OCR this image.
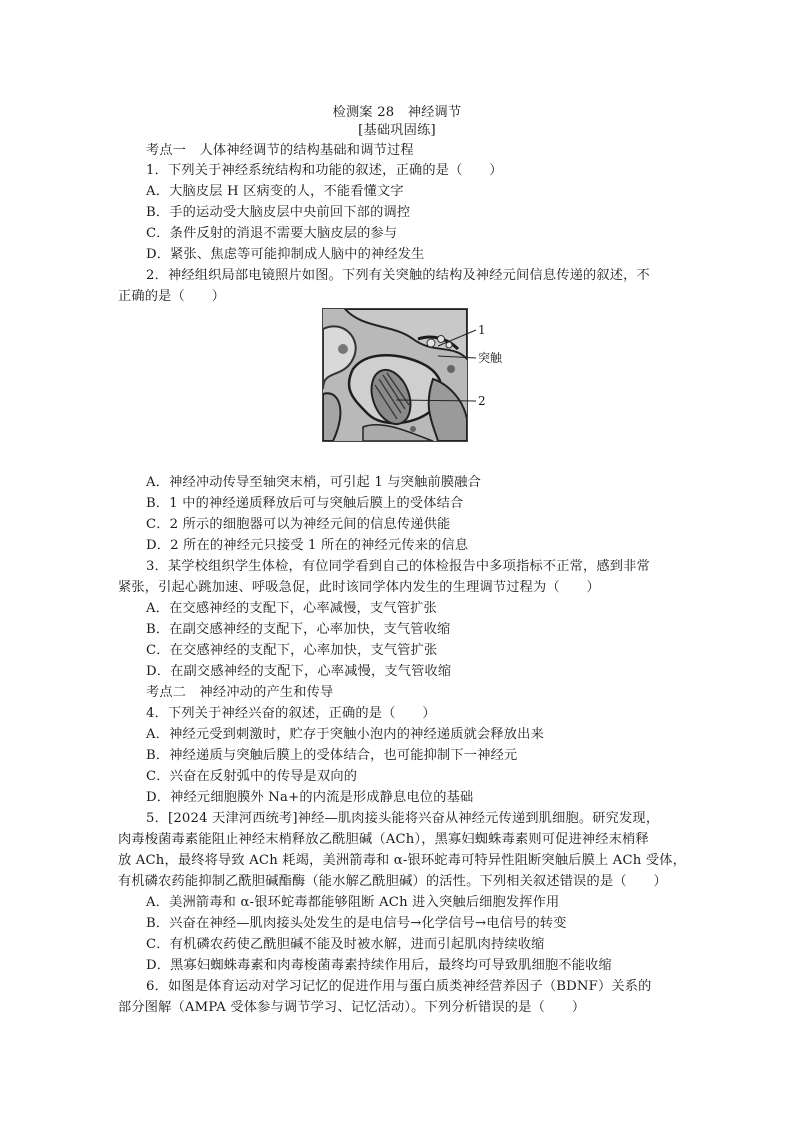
检测案 28　神经调节
[基础巩固练]
考点一　人体神经调节的结构基础和调节过程
1．下列关于神经系统结构和功能的叙述，正确的是（　　）
A．大脑皮层 H 区病变的人，不能看懂文字
B．手的运动受大脑皮层中央前回下部的调控
C．条件反射的消退不需要大脑皮层的参与
D．紧张、焦虑等可能抑制成人脑中的神经发生
2．神经组织局部电镜照片如图。下列有关突触的结构及神经元间信息传递的叙述，不
正确的是（　　）
1
突触
2
A．神经冲动传导至轴突末梢，可引起 1 与突触前膜融合
B．1 中的神经递质释放后可与突触后膜上的受体结合
C．2 所示的细胞器可以为神经元间的信息传递供能
D．2 所在的神经元只接受 1 所在的神经元传来的信息
3．某学校组织学生体检，有位同学看到自己的体检报告中多项指标不正常，感到非常
紧张，引起心跳加速、呼吸急促，此时该同学体内发生的生理调节过程为（　　）
A．在交感神经的支配下，心率减慢，支气管扩张
B．在副交感神经的支配下，心率加快，支气管收缩
C．在交感神经的支配下，心率加快，支气管扩张
D．在副交感神经的支配下，心率减慢，支气管收缩
考点二　神经冲动的产生和传导
4．下列关于神经兴奋的叙述，正确的是（　　）
A．神经元受到刺激时，贮存于突触小泡内的神经递质就会释放出来
B．神经递质与突触后膜上的受体结合，也可能抑制下一神经元
C．兴奋在反射弧中的传导是双向的
D．神经元细胞膜外 Na+的内流是形成静息电位的基础
5．[2024 天津河西统考]神经—肌肉接头能将兴奋从神经元传递到肌细胞。研究发现，
肉毒梭菌毒素能阻止神经末梢释放乙酰胆碱（ACh），黑寡妇蜘蛛毒素则可促进神经末梢释
放 ACh，最终将导致 ACh 耗竭，美洲箭毒和 α-银环蛇毒可特异性阻断突触后膜上 ACh 受体，
有机磷农药能抑制乙酰胆碱酯酶（能水解乙酰胆碱）的活性。下列相关叙述错误的是（　　）
A．美洲箭毒和 α-银环蛇毒都能够阻断 ACh 进入突触后细胞发挥作用
B．兴奋在神经—肌肉接头处发生的是电信号→化学信号→电信号的转变
C．有机磷农药使乙酰胆碱不能及时被水解，进而引起肌肉持续收缩
D．黑寡妇蜘蛛毒素和肉毒梭菌毒素持续作用后，最终均可导致肌细胞不能收缩
6．如图是体育运动对学习记忆的促进作用与蛋白质类神经营养因子（BDNF）关系的
部分图解（AMPA 受体参与调节学习、记忆活动）。下列分析错误的是（　　）
